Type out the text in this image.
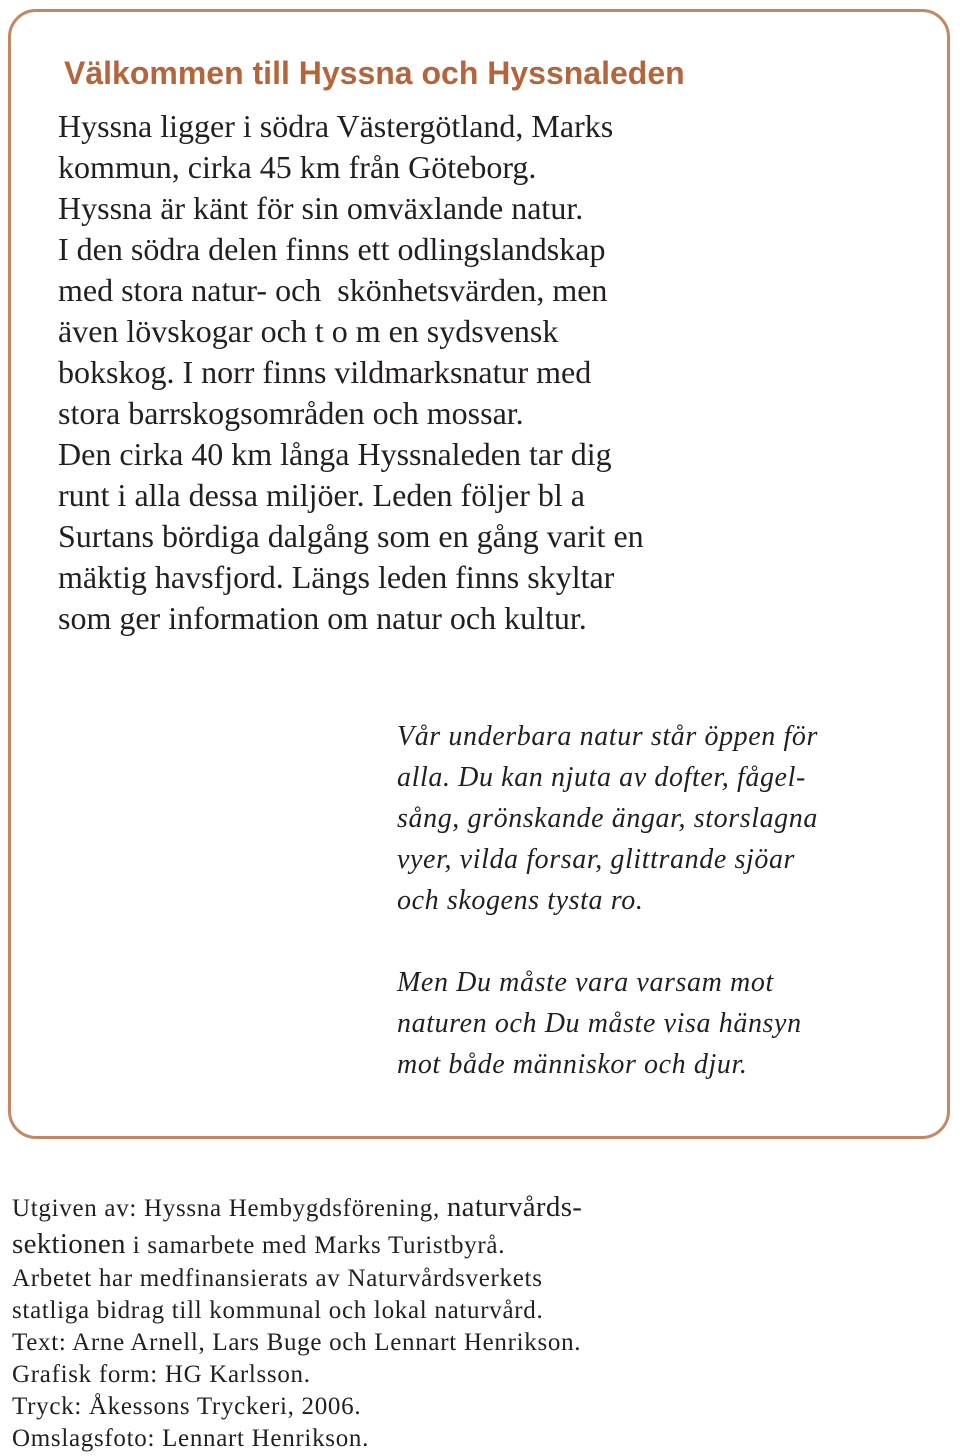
Välkommen till Hyssna och Hyssnaleden
Hyssna ligger i södra Västergötland, Marks
kommun, cirka 45 km från Göteborg.
Hyssna är känt för sin omväxlande natur.
I den södra delen finns ett odlingslandskap
med stora natur- och  skönhetsvärden, men
även lövskogar och t o m en sydsvensk
bokskog. I norr finns vildmarksnatur med
stora barrskogsområden och mossar.
Den cirka 40 km långa Hyssnaleden tar dig
runt i alla dessa miljöer. Leden följer bl a
Surtans bördiga dalgång som en gång varit en
mäktig havsfjord. Längs leden finns skyltar
som ger information om natur och kultur.
Vår underbara natur står öppen för
alla. Du kan njuta av dofter, fågel-
sång, grönskande ängar, storslagna
vyer, vilda forsar, glittrande sjöar
och skogens tysta ro.
Men Du måste vara varsam mot
naturen och Du måste visa hänsyn
mot både människor och djur.
Utgiven av: Hyssna Hembygdsförening, naturvårds-
sektionen i samarbete med Marks Turistbyrå.
Arbetet har medfinansierats av Naturvårdsverkets
statliga bidrag till kommunal och lokal naturvård.
Text: Arne Arnell, Lars Buge och Lennart Henrikson.
Grafisk form: HG Karlsson.
Tryck: Åkessons Tryckeri, 2006.
Omslagsfoto: Lennart Henrikson.
